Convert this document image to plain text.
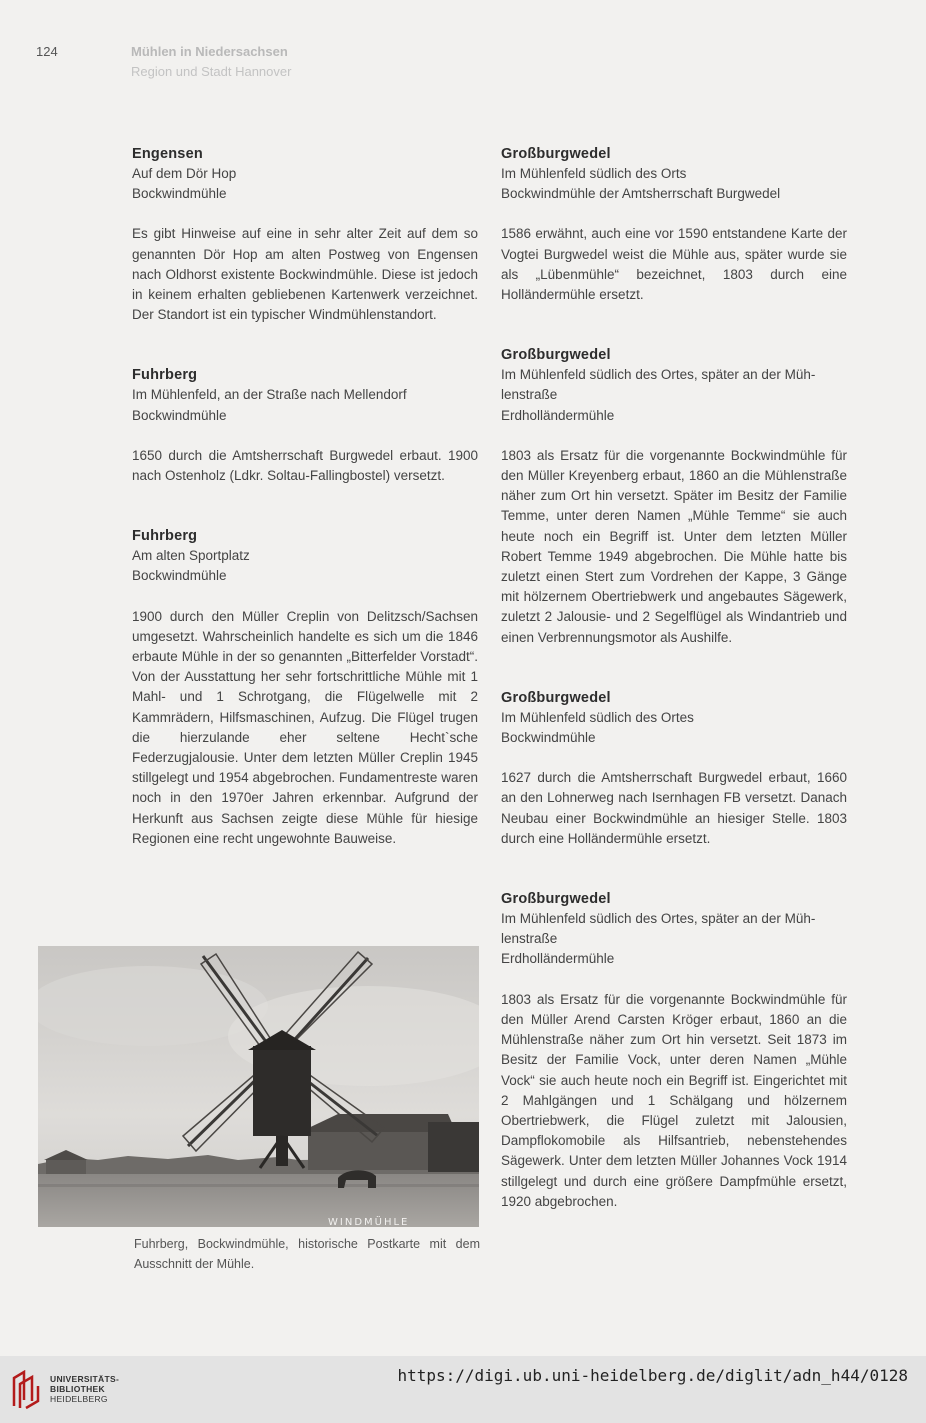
124	Mühlen in Niedersachsen
Region und Stadt Hannover
Engensen
Auf dem Dör Hop
Bockwindmühle
Es gibt Hinweise auf eine in sehr alter Zeit auf dem so genannten Dör Hop am alten Postweg von Engensen nach Oldhorst existente Bockwindmühle. Diese ist jedoch in keinem erhalten gebliebenen Kartenwerk verzeichnet. Der Standort ist ein typischer Windmühlenstandort.
Fuhrberg
Im Mühlenfeld, an der Straße nach Mellendorf
Bockwindmühle
1650 durch die Amtsherrschaft Burgwedel erbaut. 1900 nach Ostenholz (Ldkr. Soltau-Fallingbostel) versetzt.
Fuhrberg
Am alten Sportplatz
Bockwindmühle
1900 durch den Müller Creplin von Delitzsch/Sachsen umgesetzt. Wahrscheinlich handelte es sich um die 1846 erbaute Mühle in der so genannten „Bitterfelder Vorstadt“. Von der Ausstattung her sehr fortschrittliche Mühle mit 1 Mahl- und 1 Schrotgang, die Flügelwelle mit 2 Kammrädern, Hilfsmaschinen, Aufzug. Die Flügel trugen die hierzulande eher seltene Hecht`sche Federzugjalousie. Unter dem letzten Müller Creplin 1945 stillgelegt und 1954 abgebrochen. Fundamentreste waren noch in den 1970er Jahren erkennbar. Aufgrund der Herkunft aus Sachsen zeigte diese Mühle für hiesige Regionen eine recht ungewohnte Bauweise.
Großburgwedel
Im Mühlenfeld südlich des Orts
Bockwindmühle der Amtsherrschaft Burgwedel
1586 erwähnt, auch eine vor 1590 entstandene Karte der Vogtei Burgwedel weist die Mühle aus, später wurde sie als „Lübenmühle“ bezeichnet, 1803 durch eine Holländermühle ersetzt.
Großburgwedel
Im Mühlenfeld südlich des Ortes, später an der Mühlenstraße
Erdholländermühle
1803 als Ersatz für die vorgenannte Bockwindmühle für den Müller Kreyenberg erbaut, 1860 an die Mühlenstraße näher zum Ort hin versetzt. Später im Besitz der Familie Temme, unter deren Namen „Mühle Temme“ sie auch heute noch ein Begriff ist. Unter dem letzten Müller Robert Temme 1949 abgebrochen. Die Mühle hatte bis zuletzt einen Stert zum Vordrehen der Kappe, 3 Gänge mit hölzernem Obertriebwerk und angebautes Sägewerk, zuletzt 2 Jalousie- und 2 Segelflügel als Windantrieb und einen Verbrennungsmotor als Aushilfe.
Großburgwedel
Im Mühlenfeld südlich des Ortes
Bockwindmühle
1627 durch die Amtsherrschaft Burgwedel erbaut, 1660 an den Lohnerweg nach Isernhagen FB versetzt. Danach Neubau einer Bockwindmühle an hiesiger Stelle. 1803 durch eine Holländermühle ersetzt.
Großburgwedel
Im Mühlenfeld südlich des Ortes, später an der Mühlenstraße
Erdholländermühle
1803 als Ersatz für die vorgenannte Bockwindmühle für den Müller Arend Carsten Kröger erbaut, 1860 an die Mühlenstraße näher zum Ort hin versetzt. Seit 1873 im Besitz der Familie Vock, unter deren Namen „Mühle Vock“ sie auch heute noch ein Begriff ist. Eingerichtet mit 2 Mahlgängen und 1 Schälgang und hölzernem Obertriebwerk, die Flügel zuletzt mit Jalousien, Dampflokomobile als Hilfsantrieb, nebenstehendes Sägewerk. Unter dem letzten Müller Johannes Vock 1914 stillgelegt und durch eine größere Dampfmühle ersetzt, 1920 abgebrochen.
WINDMÜHLE
Fuhrberg, Bockwindmühle, historische Postkarte mit dem Ausschnitt der Mühle.
UNIVERSITÄTS-
BIBLIOTHEK
HEIDELBERG
https://digi.ub.uni-heidelberg.de/diglit/adn_h44/0128
